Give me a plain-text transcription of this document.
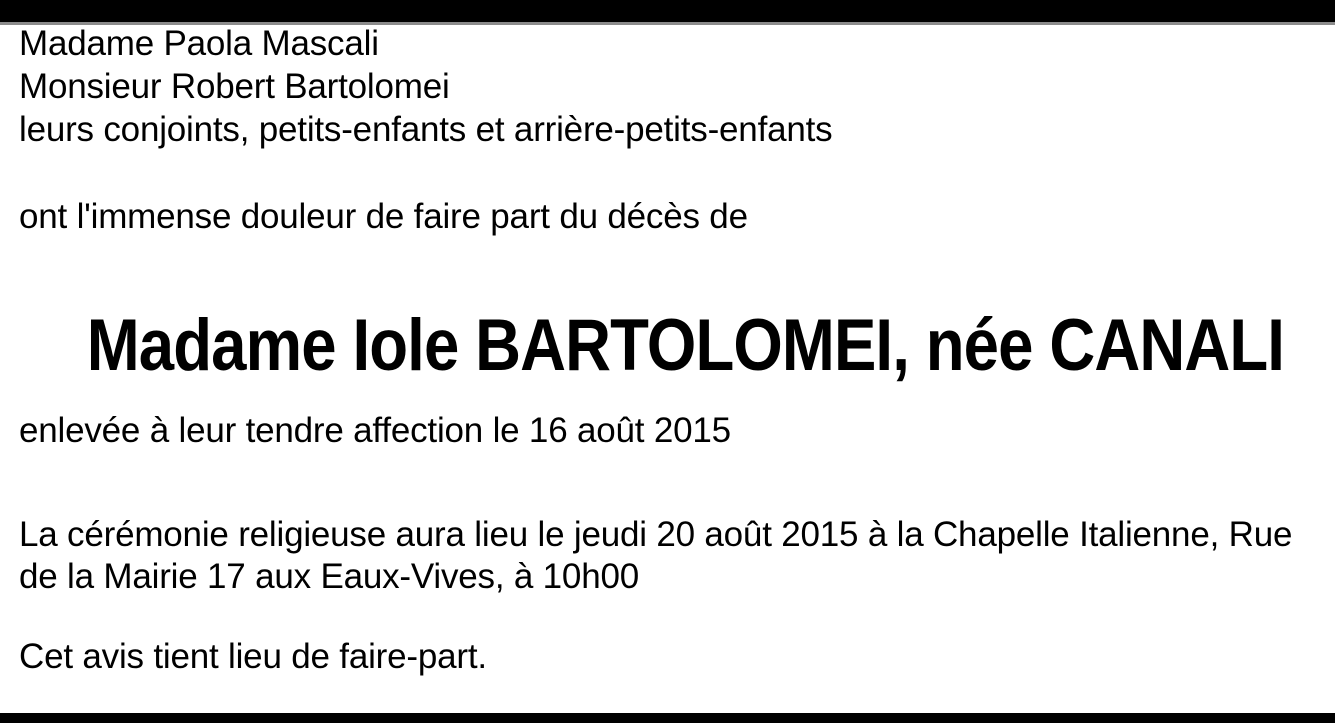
Madame Paola Mascali
Monsieur Robert Bartolomei
leurs conjoints, petits-enfants et arrière-petits-enfants
ont l'immense douleur de faire part du décès de
Madame Iole BARTOLOMEI, née CANALI
enlevée à leur tendre affection le 16 août 2015
La cérémonie religieuse aura lieu le jeudi 20 août 2015 à la Chapelle Italienne, Rue
de la Mairie 17 aux Eaux-Vives, à 10h00
Cet avis tient lieu de faire-part.
